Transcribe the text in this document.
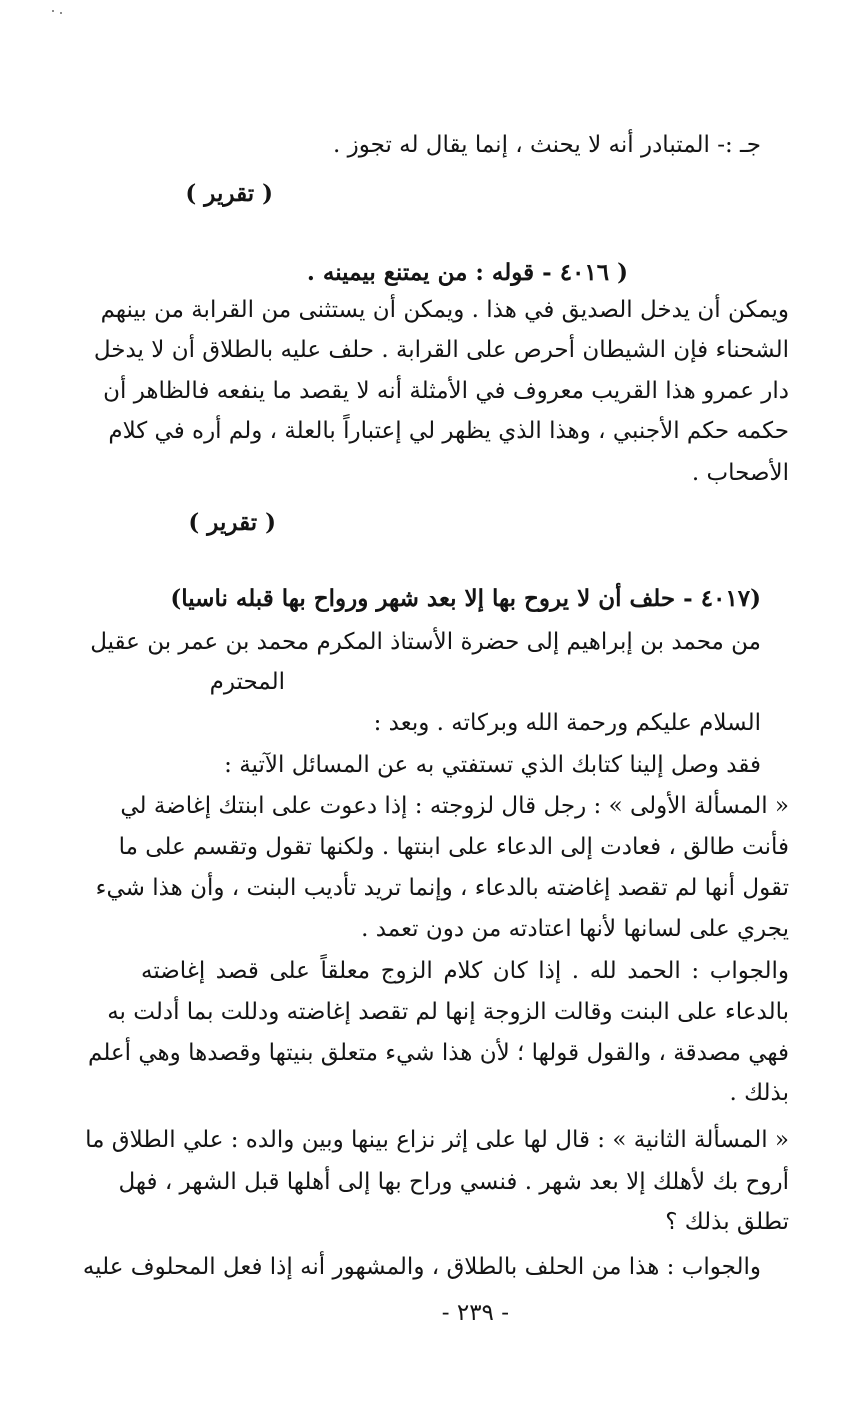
جـ :- المتبادر أنه لا يحنث ، إنما يقال له تجوز .
( تقرير )
( ٤٠١٦ - قوله : من يمتنع بيمينه .
ويمكن أن يدخل الصديق في هذا . ويمكن أن يستثنى من القرابة من بينهم
الشحناء فإن الشيطان أحرص على القرابة . حلف عليه بالطلاق أن لا يدخل
دار عمرو هذا القريب معروف في الأمثلة أنه لا يقصد ما ينفعه فالظاهر أن
حكمه حكم الأجنبي ، وهذا الذي يظهر لي إعتباراً بالعلة ، ولم أره في كلام
الأصحاب .
( تقرير )
(٤٠١٧ - حلف أن لا يروح بها إلا بعد شهر ورواح بها قبله ناسيا)
من محمد بن إبراهيم إلى حضرة الأستاذ المكرم محمد بن عمر بن عقيل
المحترم
السلام عليكم ورحمة الله وبركاته . وبعد :
فقد وصل إلينا كتابك الذي تستفتي به عن المسائل الآتية :
« المسألة الأولى » : رجل قال لزوجته : إذا دعوت على ابنتك إغاضة لي
فأنت طالق ، فعادت إلى الدعاء على ابنتها . ولكنها تقول وتقسم على ما
تقول أنها لم تقصد إغاضته بالدعاء ، وإنما تريد تأديب البنت ، وأن هذا شيء
يجري على لسانها لأنها اعتادته من دون تعمد .
والجواب : الحمد لله . إذا كان كلام الزوج معلقاً على قصد إغاضته
بالدعاء على البنت وقالت الزوجة إنها لم تقصد إغاضته ودللت بما أدلت به
فهي مصدقة ، والقول قولها ؛ لأن هذا شيء متعلق بنيتها وقصدها وهي أعلم
بذلك .
« المسألة الثانية » : قال لها على إثر نزاع بينها وبين والده : علي الطلاق ما
أروح بك لأهلك إلا بعد شهر . فنسي وراح بها إلى أهلها قبل الشهر ، فهل
تطلق بذلك ؟
والجواب : هذا من الحلف بالطلاق ، والمشهور أنه إذا فعل المحلوف عليه
- ٢٣٩ -
